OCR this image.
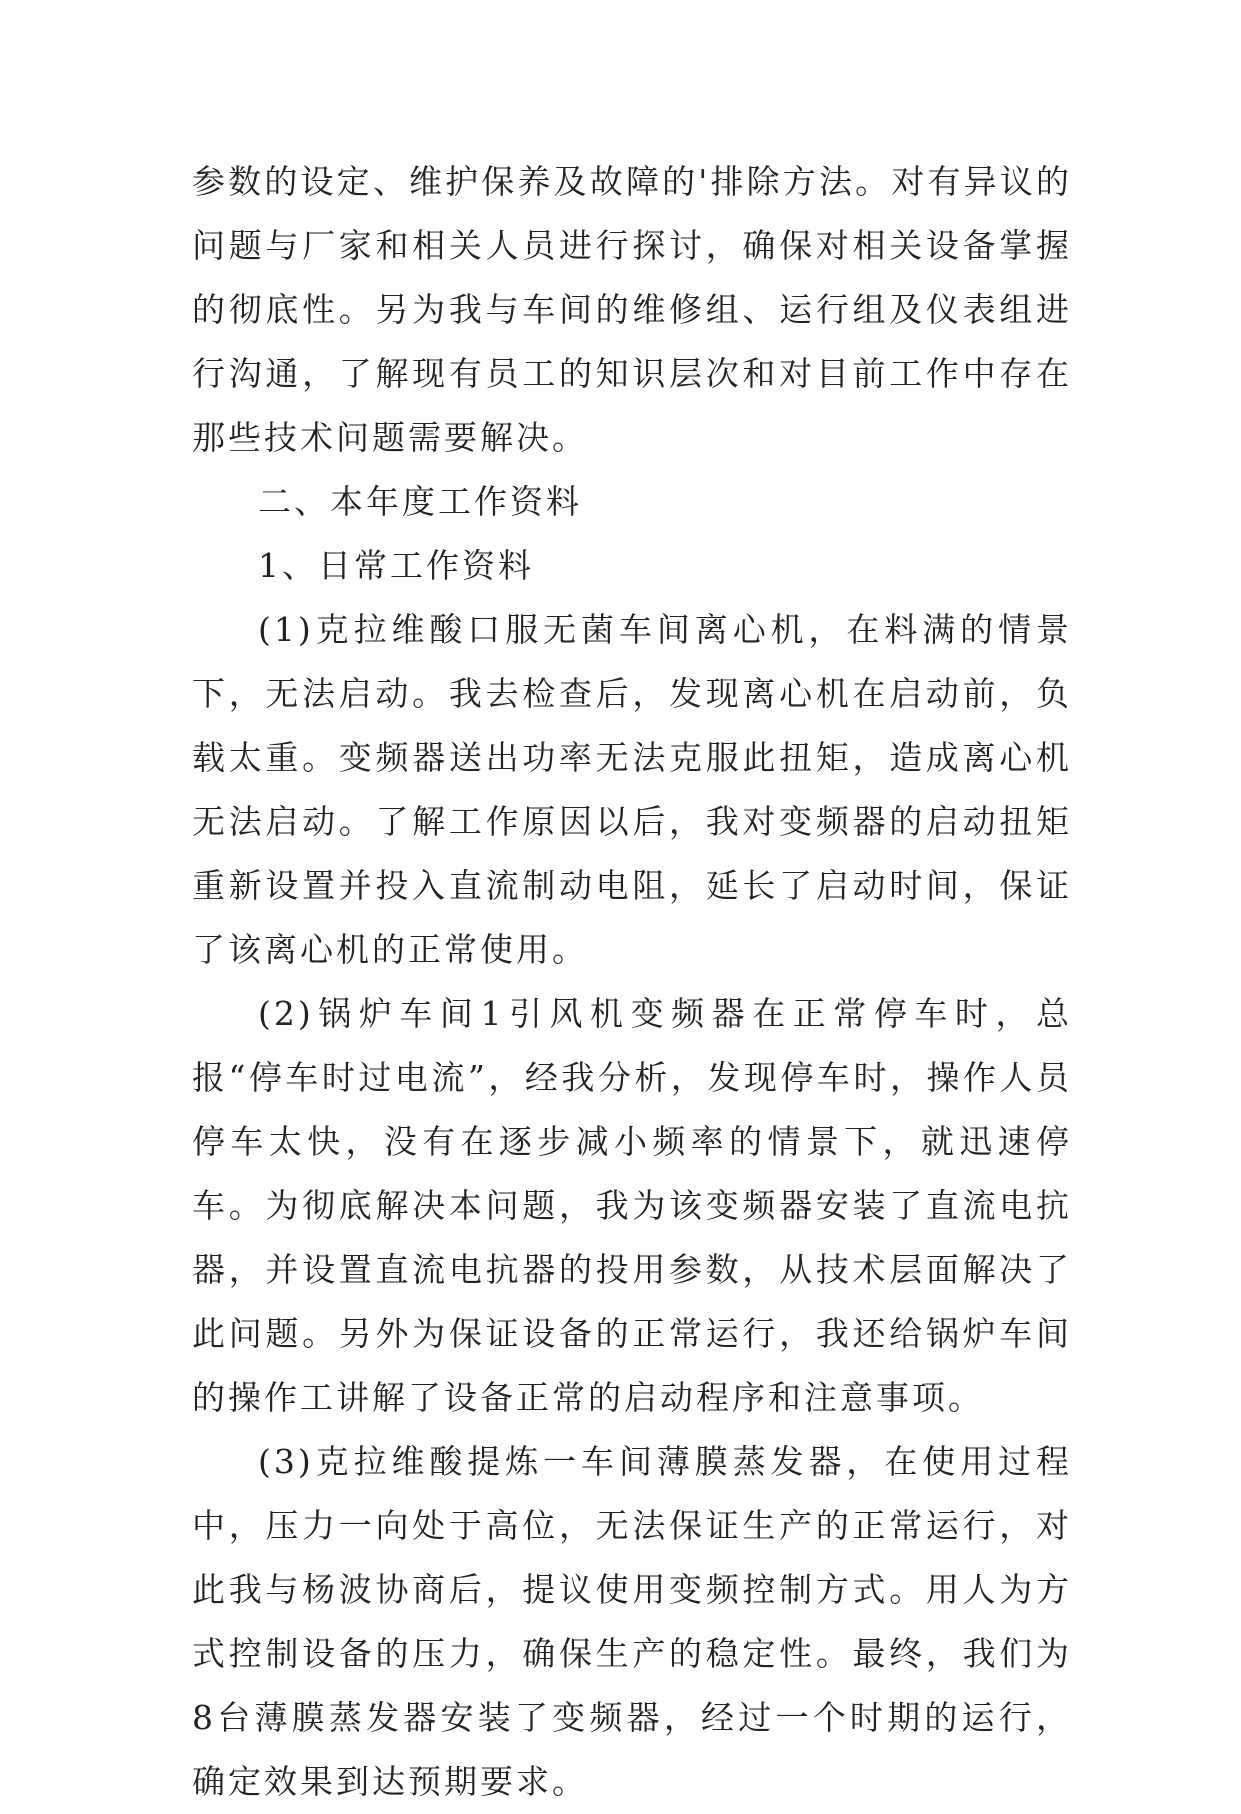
参数的设定、维护保养及故障的'排除方法。对有异议的问题与厂家和相关人员进行探讨，确保对相关设备掌握的彻底性。另为我与车间的维修组、运行组及仪表组进行沟通，了解现有员工的知识层次和对目前工作中存在那些技术问题需要解决。

二、本年度工作资料

1、日常工作资料

(1)克拉维酸口服无菌车间离心机，在料满的情景下，无法启动。我去检查后，发现离心机在启动前，负载太重。变频器送出功率无法克服此扭矩，造成离心机无法启动。了解工作原因以后，我对变频器的启动扭矩重新设置并投入直流制动电阻，延长了启动时间，保证了该离心机的正常使用。

(2)锅炉车间1引风机变频器在正常停车时，总报“停车时过电流”，经我分析，发现停车时，操作人员停车太快，没有在逐步减小频率的情景下，就迅速停车。为彻底解决本问题，我为该变频器安装了直流电抗器，并设置直流电抗器的投用参数，从技术层面解决了此问题。另外为保证设备的正常运行，我还给锅炉车间的操作工讲解了设备正常的启动程序和注意事项。

(3)克拉维酸提炼一车间薄膜蒸发器，在使用过程中，压力一向处于高位，无法保证生产的正常运行，对此我与杨波协商后，提议使用变频控制方式。用人为方式控制设备的压力，确保生产的稳定性。最终，我们为8台薄膜蒸发器安装了变频器，经过一个时期的运行，确定效果到达预期要求。
